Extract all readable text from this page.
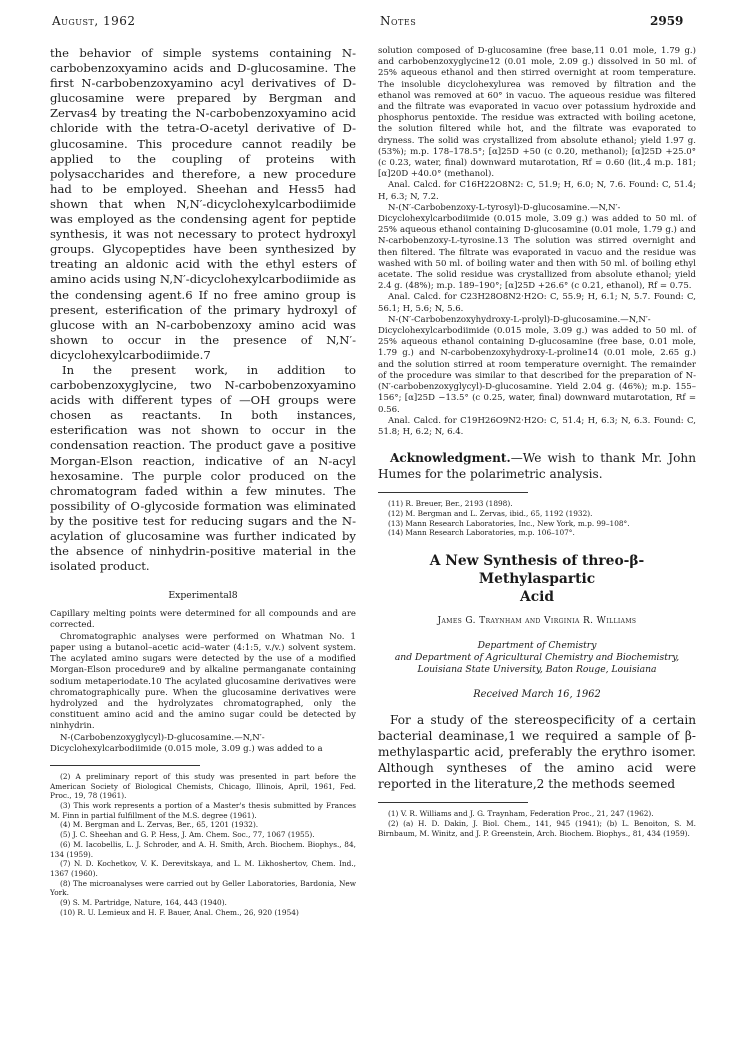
August, 1962	Notes	2959

the behavior of simple systems containing N-carbobenzoxyamino acids and D-glucosamine. The first N-carbobenzoxyamino acyl derivatives of D-glucosamine were prepared by Bergman and Zervas4 by treating the N-carbobenzoxyamino acid chloride with the tetra-O-acetyl derivative of D-glucosamine. This procedure cannot readily be applied to the coupling of proteins with polysaccharides and therefore, a new procedure had to be employed. Sheehan and Hess5 had shown that when N,N′-dicyclohexylcarbodiimide was employed as the condensing agent for peptide synthesis, it was not necessary to protect hydroxyl groups. Glycopeptides have been synthesized by treating an aldonic acid with the ethyl esters of amino acids using N,N′-dicyclohexylcarbodiimide as the condensing agent.6 If no free amino group is present, esterification of the primary hydroxyl of glucose with an N-carbobenzoxy amino acid was shown to occur in the presence of N,N′-dicyclohexylcarbodiimide.7

In the present work, in addition to carbobenzoxyglycine, two N-carbobenzoxyamino acids with different types of —OH groups were chosen as reactants. In both instances, esterification was not shown to occur in the condensation reaction. The product gave a positive Morgan-Elson reaction, indicative of an N-acyl hexosamine. The purple color produced on the chromatogram faded within a few minutes. The possibility of O-glycoside formation was eliminated by the positive test for reducing sugars and the N-acylation of glucosamine was further indicated by the absence of ninhydrin-positive material in the isolated product.

Experimental8

Capillary melting points were determined for all compounds and are corrected.

Chromatographic analyses were performed on Whatman No. 1 paper using a butanol–acetic acid–water (4:1:5, v./v.) solvent system. The acylated amino sugars were detected by the use of a modified Morgan-Elson procedure9 and by alkaline permanganate containing sodium metaperiodate.10 The acylated glucosamine derivatives were chromatographically pure. When the glucosamine derivatives were hydrolyzed and the hydrolyzates chromatographed, only the constituent amino acid and the amino sugar could be detected by ninhydrin.

N-(Carbobenzoxyglycyl)-D-glucosamine.—N,N′-Dicyclohexylcarbodiimide (0.015 mole, 3.09 g.) was added to a

(2) A preliminary report of this study was presented in part before the American Society of Biological Chemists, Chicago, Illinois, April, 1961, Fed. Proc., 19, 78 (1961).

(3) This work represents a portion of a Master's thesis submitted by Frances M. Finn in partial fulfillment of the M.S. degree (1961).

(4) M. Bergman and L. Zervas, Ber., 65, 1201 (1932).

(5) J. C. Sheehan and G. P. Hess, J. Am. Chem. Soc., 77, 1067 (1955).

(6) M. Iacobellis, L. J. Schroder, and A. H. Smith, Arch. Biochem. Biophys., 84, 134 (1959).

(7) N. D. Kochetkov, V. K. Derevitskaya, and L. M. Likhoshertov, Chem. Ind., 1367 (1960).

(8) The microanalyses were carried out by Geller Laboratories, Bardonia, New York.

(9) S. M. Partridge, Nature, 164, 443 (1940).

(10) R. U. Lemieux and H. F. Bauer, Anal. Chem., 26, 920 (1954)

solution composed of D-glucosamine (free base,11 0.01 mole, 1.79 g.) and carbobenzoxyglycine12 (0.01 mole, 2.09 g.) dissolved in 50 ml. of 25% aqueous ethanol and then stirred overnight at room temperature. The insoluble dicyclohexylurea was removed by filtration and the ethanol was removed at 60° in vacuo. The aqueous residue was filtered and the filtrate was evaporated in vacuo over potassium hydroxide and phosphorus pentoxide. The residue was extracted with boiling acetone, the solution filtered while hot, and the filtrate was evaporated to dryness. The solid was crystallized from absolute ethanol; yield 1.97 g. (53%); m.p. 178–178.5°; [α]25D +50 (c 0.20, methanol); [α]25D +25.0° (c 0.23, water, final) downward mutarotation, Rf = 0.60 (lit.,4 m.p. 181; [α]20D +40.0° (methanol).

Anal. Calcd. for C16H22O8N2: C, 51.9; H, 6.0; N, 7.6. Found: C, 51.4; H, 6.3; N, 7.2.

N-(N′-Carbobenzoxy-L-tyrosyl)-D-glucosamine.—N,N′-Dicyclohexylcarbodiimide (0.015 mole, 3.09 g.) was added to 50 ml. of 25% aqueous ethanol containing D-glucosamine (0.01 mole, 1.79 g.) and N-carbobenzoxy-L-tyrosine.13 The solution was stirred overnight and then filtered. The filtrate was evaporated in vacuo and the residue was washed with 50 ml. of boiling water and then with 50 ml. of boiling ethyl acetate. The solid residue was crystallized from absolute ethanol; yield 2.4 g. (48%); m.p. 189–190°; [α]25D +26.6° (c 0.21, ethanol), Rf = 0.75.

Anal. Calcd. for C23H28O8N2·H2O: C, 55.9; H, 6.1; N, 5.7. Found: C, 56.1; H, 5.6; N, 5.6.

N-(N′-Carbobenzoxyhydroxy-L-prolyl)-D-glucosamine.—N,N′-Dicyclohexylcarbodiimide (0.015 mole, 3.09 g.) was added to 50 ml. of 25% aqueous ethanol containing D-glucosamine (free base, 0.01 mole, 1.79 g.) and N-carbobenzoxyhydroxy-L-proline14 (0.01 mole, 2.65 g.) and the solution stirred at room temperature overnight. The remainder of the procedure was similar to that described for the preparation of N-(N′-carbobenzoxyglycyl)-D-glucosamine. Yield 2.04 g. (46%); m.p. 155–156°; [α]25D −13.5° (c 0.25, water, final) downward mutarotation, Rf = 0.56.

Anal. Calcd. for C19H26O9N2·H2O: C, 51.4; H, 6.3; N, 6.3. Found: C, 51.8; H, 6.2; N, 6.4.

Acknowledgment.—We wish to thank Mr. John Humes for the polarimetric analysis.

(11) R. Breuer, Ber., 2193 (1898).

(12) M. Bergman and L. Zervas, ibid., 65, 1192 (1932).

(13) Mann Research Laboratories, Inc., New York, m.p. 99–108°.

(14) Mann Research Laboratories, m.p. 106–107°.

A New Synthesis of threo-β-Methylaspartic
Acid
James G. Traynham and Virginia R. Williams
Department of Chemistry
and Department of Agricultural Chemistry and Biochemistry,
Louisiana State University, Baton Rouge, Louisiana
Received March 16, 1962

For a study of the stereospecificity of a certain bacterial deaminase,1 we required a sample of β-methylaspartic acid, preferably the erythro isomer. Although syntheses of the amino acid were reported in the literature,2 the methods seemed

(1) V. R. Williams and J. G. Traynham, Federation Proc., 21, 247 (1962).

(2) (a) H. D. Dakin, J. Biol. Chem., 141, 945 (1941); (b) L. Benoiton, S. M. Birnbaum, M. Winitz, and J. P. Greenstein, Arch. Biochem. Biophys., 81, 434 (1959).
